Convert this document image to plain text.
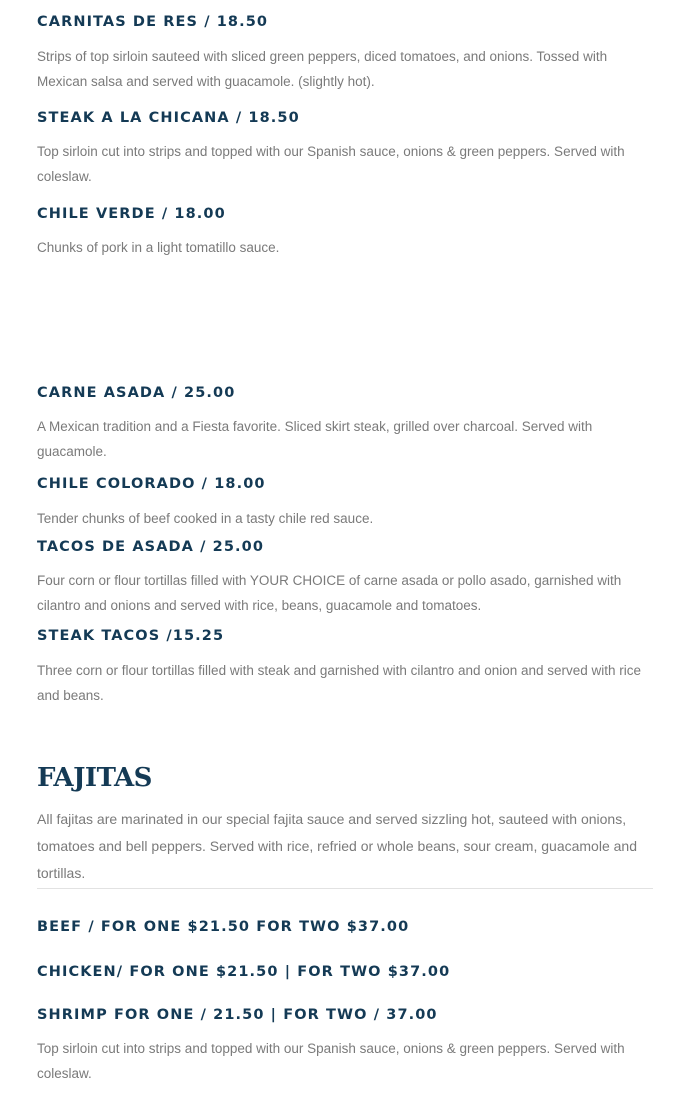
CARNITAS DE RES / 18.50

Strips of top sirloin sauteed with sliced green peppers, diced tomatoes, and onions. Tossed with Mexican salsa and served with guacamole. (slightly hot).

STEAK A LA CHICANA / 18.50

Top sirloin cut into strips and topped with our Spanish sauce, onions & green peppers. Served with coleslaw.

CHILE VERDE / 18.00

Chunks of pork in a light tomatillo sauce.

CARNE ASADA / 25.00

A Mexican tradition and a Fiesta favorite. Sliced skirt steak, grilled over charcoal. Served with guacamole.

CHILE COLORADO / 18.00

Tender chunks of beef cooked in a tasty chile red sauce.

TACOS DE ASADA / 25.00

Four corn or flour tortillas filled with YOUR CHOICE of carne asada or pollo asado, garnished with cilantro and onions and served with rice, beans, guacamole and tomatoes.

STEAK TACOS /15.25

Three corn or flour tortillas filled with steak and garnished with cilantro and onion and served with rice and beans.

FAJITAS

All fajitas are marinated in our special fajita sauce and served sizzling hot, sauteed with onions, tomatoes and bell peppers. Served with rice, refried or whole beans, sour cream, guacamole and tortillas.

BEEF / FOR ONE $21.50 FOR TWO $37.00
CHICKEN/ FOR ONE $21.50 | FOR TWO $37.00
SHRIMP FOR ONE / 21.50 | FOR TWO / 37.00

Top sirloin cut into strips and topped with our Spanish sauce, onions & green peppers. Served with coleslaw.
